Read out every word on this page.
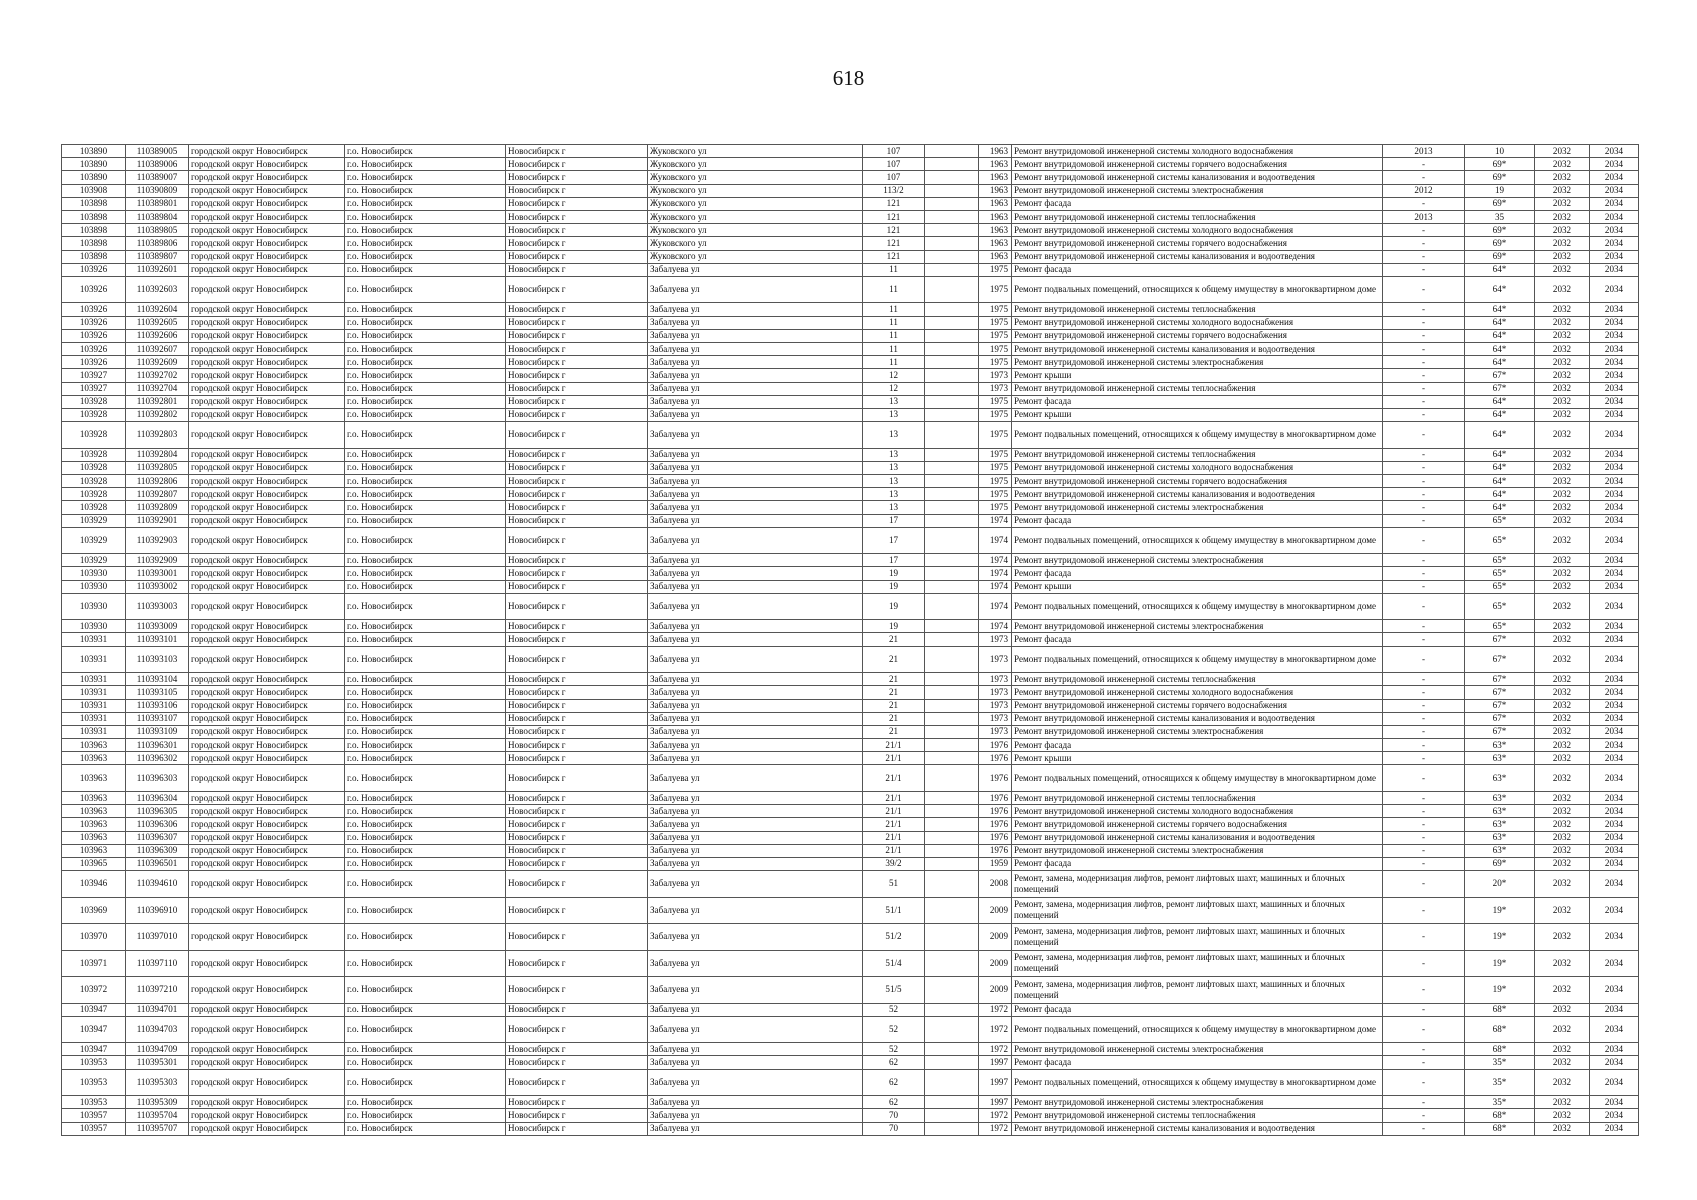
618
103890	110389005	городской округ Новосибирск	г.о. Новосибирск	Новосибирск г	Жуковского ул	107		1963	Ремонт внутридомовой инженерной системы холодного водоснабжения	2013	10	2032	2034
103890	110389006	городской округ Новосибирск	г.о. Новосибирск	Новосибирск г	Жуковского ул	107		1963	Ремонт внутридомовой инженерной системы горячего водоснабжения	-	69*	2032	2034
103890	110389007	городской округ Новосибирск	г.о. Новосибирск	Новосибирск г	Жуковского ул	107		1963	Ремонт внутридомовой инженерной системы канализования и водоотведения	-	69*	2032	2034
103908	110390809	городской округ Новосибирск	г.о. Новосибирск	Новосибирск г	Жуковского ул	113/2		1963	Ремонт внутридомовой инженерной системы электроснабжения	2012	19	2032	2034
103898	110389801	городской округ Новосибирск	г.о. Новосибирск	Новосибирск г	Жуковского ул	121		1963	Ремонт фасада	-	69*	2032	2034
103898	110389804	городской округ Новосибирск	г.о. Новосибирск	Новосибирск г	Жуковского ул	121		1963	Ремонт внутридомовой инженерной системы теплоснабжения	2013	35	2032	2034
103898	110389805	городской округ Новосибирск	г.о. Новосибирск	Новосибирск г	Жуковского ул	121		1963	Ремонт внутридомовой инженерной системы холодного водоснабжения	-	69*	2032	2034
103898	110389806	городской округ Новосибирск	г.о. Новосибирск	Новосибирск г	Жуковского ул	121		1963	Ремонт внутридомовой инженерной системы горячего водоснабжения	-	69*	2032	2034
103898	110389807	городской округ Новосибирск	г.о. Новосибирск	Новосибирск г	Жуковского ул	121		1963	Ремонт внутридомовой инженерной системы канализования и водоотведения	-	69*	2032	2034
103926	110392601	городской округ Новосибирск	г.о. Новосибирск	Новосибирск г	Забалуева ул	11		1975	Ремонт фасада	-	64*	2032	2034
103926	110392603	городской округ Новосибирск	г.о. Новосибирск	Новосибирск г	Забалуева ул	11		1975	Ремонт подвальных помещений, относящихся к общему имуществу в многоквартирном доме	-	64*	2032	2034
103926	110392604	городской округ Новосибирск	г.о. Новосибирск	Новосибирск г	Забалуева ул	11		1975	Ремонт внутридомовой инженерной системы теплоснабжения	-	64*	2032	2034
103926	110392605	городской округ Новосибирск	г.о. Новосибирск	Новосибирск г	Забалуева ул	11		1975	Ремонт внутридомовой инженерной системы холодного водоснабжения	-	64*	2032	2034
103926	110392606	городской округ Новосибирск	г.о. Новосибирск	Новосибирск г	Забалуева ул	11		1975	Ремонт внутридомовой инженерной системы горячего водоснабжения	-	64*	2032	2034
103926	110392607	городской округ Новосибирск	г.о. Новосибирск	Новосибирск г	Забалуева ул	11		1975	Ремонт внутридомовой инженерной системы канализования и водоотведения	-	64*	2032	2034
103926	110392609	городской округ Новосибирск	г.о. Новосибирск	Новосибирск г	Забалуева ул	11		1975	Ремонт внутридомовой инженерной системы электроснабжения	-	64*	2032	2034
103927	110392702	городской округ Новосибирск	г.о. Новосибирск	Новосибирск г	Забалуева ул	12		1973	Ремонт крыши	-	67*	2032	2034
103927	110392704	городской округ Новосибирск	г.о. Новосибирск	Новосибирск г	Забалуева ул	12		1973	Ремонт внутридомовой инженерной системы теплоснабжения	-	67*	2032	2034
103928	110392801	городской округ Новосибирск	г.о. Новосибирск	Новосибирск г	Забалуева ул	13		1975	Ремонт фасада	-	64*	2032	2034
103928	110392802	городской округ Новосибирск	г.о. Новосибирск	Новосибирск г	Забалуева ул	13		1975	Ремонт крыши	-	64*	2032	2034
103928	110392803	городской округ Новосибирск	г.о. Новосибирск	Новосибирск г	Забалуева ул	13		1975	Ремонт подвальных помещений, относящихся к общему имуществу в многоквартирном доме	-	64*	2032	2034
103928	110392804	городской округ Новосибирск	г.о. Новосибирск	Новосибирск г	Забалуева ул	13		1975	Ремонт внутридомовой инженерной системы теплоснабжения	-	64*	2032	2034
103928	110392805	городской округ Новосибирск	г.о. Новосибирск	Новосибирск г	Забалуева ул	13		1975	Ремонт внутридомовой инженерной системы холодного водоснабжения	-	64*	2032	2034
103928	110392806	городской округ Новосибирск	г.о. Новосибирск	Новосибирск г	Забалуева ул	13		1975	Ремонт внутридомовой инженерной системы горячего водоснабжения	-	64*	2032	2034
103928	110392807	городской округ Новосибирск	г.о. Новосибирск	Новосибирск г	Забалуева ул	13		1975	Ремонт внутридомовой инженерной системы канализования и водоотведения	-	64*	2032	2034
103928	110392809	городской округ Новосибирск	г.о. Новосибирск	Новосибирск г	Забалуева ул	13		1975	Ремонт внутридомовой инженерной системы электроснабжения	-	64*	2032	2034
103929	110392901	городской округ Новосибирск	г.о. Новосибирск	Новосибирск г	Забалуева ул	17		1974	Ремонт фасада	-	65*	2032	2034
103929	110392903	городской округ Новосибирск	г.о. Новосибирск	Новосибирск г	Забалуева ул	17		1974	Ремонт подвальных помещений, относящихся к общему имуществу в многоквартирном доме	-	65*	2032	2034
103929	110392909	городской округ Новосибирск	г.о. Новосибирск	Новосибирск г	Забалуева ул	17		1974	Ремонт внутридомовой инженерной системы электроснабжения	-	65*	2032	2034
103930	110393001	городской округ Новосибирск	г.о. Новосибирск	Новосибирск г	Забалуева ул	19		1974	Ремонт фасада	-	65*	2032	2034
103930	110393002	городской округ Новосибирск	г.о. Новосибирск	Новосибирск г	Забалуева ул	19		1974	Ремонт крыши	-	65*	2032	2034
103930	110393003	городской округ Новосибирск	г.о. Новосибирск	Новосибирск г	Забалуева ул	19		1974	Ремонт подвальных помещений, относящихся к общему имуществу в многоквартирном доме	-	65*	2032	2034
103930	110393009	городской округ Новосибирск	г.о. Новосибирск	Новосибирск г	Забалуева ул	19		1974	Ремонт внутридомовой инженерной системы электроснабжения	-	65*	2032	2034
103931	110393101	городской округ Новосибирск	г.о. Новосибирск	Новосибирск г	Забалуева ул	21		1973	Ремонт фасада	-	67*	2032	2034
103931	110393103	городской округ Новосибирск	г.о. Новосибирск	Новосибирск г	Забалуева ул	21		1973	Ремонт подвальных помещений, относящихся к общему имуществу в многоквартирном доме	-	67*	2032	2034
103931	110393104	городской округ Новосибирск	г.о. Новосибирск	Новосибирск г	Забалуева ул	21		1973	Ремонт внутридомовой инженерной системы теплоснабжения	-	67*	2032	2034
103931	110393105	городской округ Новосибирск	г.о. Новосибирск	Новосибирск г	Забалуева ул	21		1973	Ремонт внутридомовой инженерной системы холодного водоснабжения	-	67*	2032	2034
103931	110393106	городской округ Новосибирск	г.о. Новосибирск	Новосибирск г	Забалуева ул	21		1973	Ремонт внутридомовой инженерной системы горячего водоснабжения	-	67*	2032	2034
103931	110393107	городской округ Новосибирск	г.о. Новосибирск	Новосибирск г	Забалуева ул	21		1973	Ремонт внутридомовой инженерной системы канализования и водоотведения	-	67*	2032	2034
103931	110393109	городской округ Новосибирск	г.о. Новосибирск	Новосибирск г	Забалуева ул	21		1973	Ремонт внутридомовой инженерной системы электроснабжения	-	67*	2032	2034
103963	110396301	городской округ Новосибирск	г.о. Новосибирск	Новосибирск г	Забалуева ул	21/1		1976	Ремонт фасада	-	63*	2032	2034
103963	110396302	городской округ Новосибирск	г.о. Новосибирск	Новосибирск г	Забалуева ул	21/1		1976	Ремонт крыши	-	63*	2032	2034
103963	110396303	городской округ Новосибирск	г.о. Новосибирск	Новосибирск г	Забалуева ул	21/1		1976	Ремонт подвальных помещений, относящихся к общему имуществу в многоквартирном доме	-	63*	2032	2034
103963	110396304	городской округ Новосибирск	г.о. Новосибирск	Новосибирск г	Забалуева ул	21/1		1976	Ремонт внутридомовой инженерной системы теплоснабжения	-	63*	2032	2034
103963	110396305	городской округ Новосибирск	г.о. Новосибирск	Новосибирск г	Забалуева ул	21/1		1976	Ремонт внутридомовой инженерной системы холодного водоснабжения	-	63*	2032	2034
103963	110396306	городской округ Новосибирск	г.о. Новосибирск	Новосибирск г	Забалуева ул	21/1		1976	Ремонт внутридомовой инженерной системы горячего водоснабжения	-	63*	2032	2034
103963	110396307	городской округ Новосибирск	г.о. Новосибирск	Новосибирск г	Забалуева ул	21/1		1976	Ремонт внутридомовой инженерной системы канализования и водоотведения	-	63*	2032	2034
103963	110396309	городской округ Новосибирск	г.о. Новосибирск	Новосибирск г	Забалуева ул	21/1		1976	Ремонт внутридомовой инженерной системы электроснабжения	-	63*	2032	2034
103965	110396501	городской округ Новосибирск	г.о. Новосибирск	Новосибирск г	Забалуева ул	39/2		1959	Ремонт фасада	-	69*	2032	2034
103946	110394610	городской округ Новосибирск	г.о. Новосибирск	Новосибирск г	Забалуева ул	51		2008	Ремонт, замена, модернизация лифтов, ремонт лифтовых шахт, машинных и блочных помещений	-	20*	2032	2034
103969	110396910	городской округ Новосибирск	г.о. Новосибирск	Новосибирск г	Забалуева ул	51/1		2009	Ремонт, замена, модернизация лифтов, ремонт лифтовых шахт, машинных и блочных помещений	-	19*	2032	2034
103970	110397010	городской округ Новосибирск	г.о. Новосибирск	Новосибирск г	Забалуева ул	51/2		2009	Ремонт, замена, модернизация лифтов, ремонт лифтовых шахт, машинных и блочных помещений	-	19*	2032	2034
103971	110397110	городской округ Новосибирск	г.о. Новосибирск	Новосибирск г	Забалуева ул	51/4		2009	Ремонт, замена, модернизация лифтов, ремонт лифтовых шахт, машинных и блочных помещений	-	19*	2032	2034
103972	110397210	городской округ Новосибирск	г.о. Новосибирск	Новосибирск г	Забалуева ул	51/5		2009	Ремонт, замена, модернизация лифтов, ремонт лифтовых шахт, машинных и блочных помещений	-	19*	2032	2034
103947	110394701	городской округ Новосибирск	г.о. Новосибирск	Новосибирск г	Забалуева ул	52		1972	Ремонт фасада	-	68*	2032	2034
103947	110394703	городской округ Новосибирск	г.о. Новосибирск	Новосибирск г	Забалуева ул	52		1972	Ремонт подвальных помещений, относящихся к общему имуществу в многоквартирном доме	-	68*	2032	2034
103947	110394709	городской округ Новосибирск	г.о. Новосибирск	Новосибирск г	Забалуева ул	52		1972	Ремонт внутридомовой инженерной системы электроснабжения	-	68*	2032	2034
103953	110395301	городской округ Новосибирск	г.о. Новосибирск	Новосибирск г	Забалуева ул	62		1997	Ремонт фасада	-	35*	2032	2034
103953	110395303	городской округ Новосибирск	г.о. Новосибирск	Новосибирск г	Забалуева ул	62		1997	Ремонт подвальных помещений, относящихся к общему имуществу в многоквартирном доме	-	35*	2032	2034
103953	110395309	городской округ Новосибирск	г.о. Новосибирск	Новосибирск г	Забалуева ул	62		1997	Ремонт внутридомовой инженерной системы электроснабжения	-	35*	2032	2034
103957	110395704	городской округ Новосибирск	г.о. Новосибирск	Новосибирск г	Забалуева ул	70		1972	Ремонт внутридомовой инженерной системы теплоснабжения	-	68*	2032	2034
103957	110395707	городской округ Новосибирск	г.о. Новосибирск	Новосибирск г	Забалуева ул	70		1972	Ремонт внутридомовой инженерной системы канализования и водоотведения	-	68*	2032	2034
